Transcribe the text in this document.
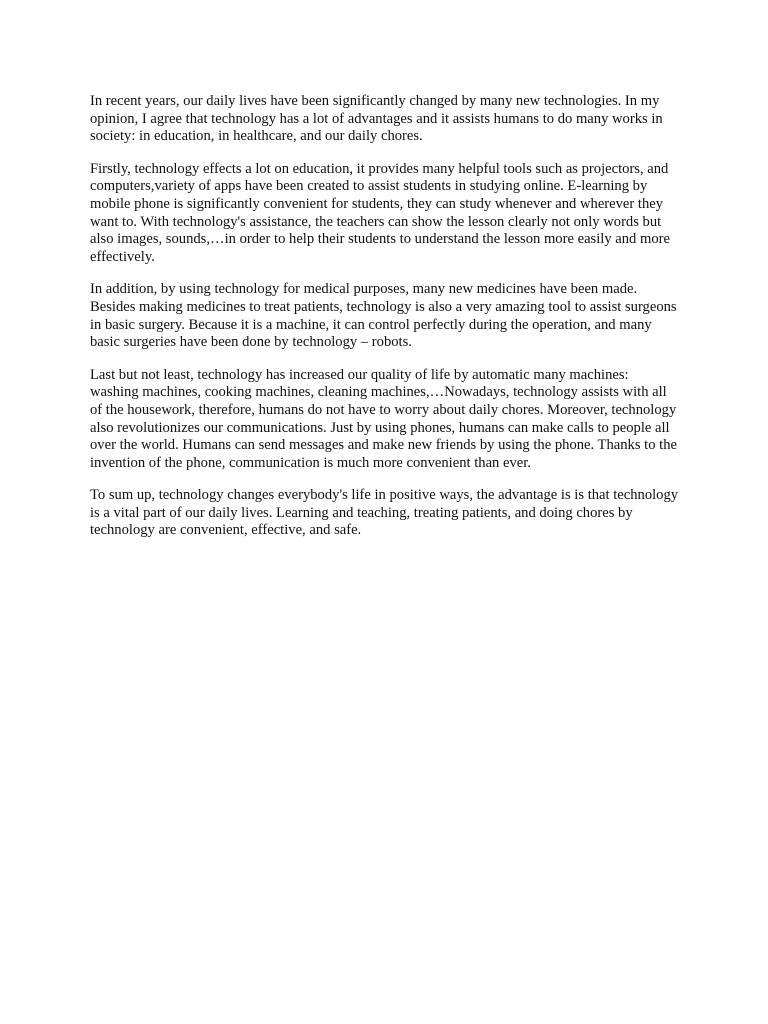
In recent years, our daily lives have been significantly changed by many new technologies. In my opinion, I agree that technology has a lot of advantages and it assists humans to do many works in society: in education, in healthcare, and our daily chores.

Firstly, technology effects a lot on education, it provides many helpful tools such as projectors, and computers,variety of apps have been created to assist students in studying online. E-learning by mobile phone is significantly convenient for students, they can study whenever and wherever they want to. With technology's assistance, the teachers can show the lesson clearly not only words but also images, sounds,…in order to help their students to understand the lesson more easily and more effectively.

In addition, by using technology for medical purposes, many new medicines have been made. Besides making medicines to treat patients, technology is also a very amazing tool to assist surgeons in basic surgery. Because it is a machine, it can control perfectly during the operation, and many basic surgeries have been done by technology – robots.

Last but not least, technology has increased our quality of life by automatic many machines: washing machines, cooking machines, cleaning machines,…Nowadays, technology assists with all of the housework, therefore, humans do not have to worry about daily chores. Moreover, technology also revolutionizes our communications. Just by using phones, humans can make calls to people all over the world. Humans can send messages and make new friends by using the phone. Thanks to the invention of the phone, communication is much more convenient than ever.

To sum up, technology changes everybody's life in positive ways, the advantage is is that technology is a vital part of our daily lives. Learning and teaching, treating patients, and doing chores by technology are convenient, effective, and safe.
